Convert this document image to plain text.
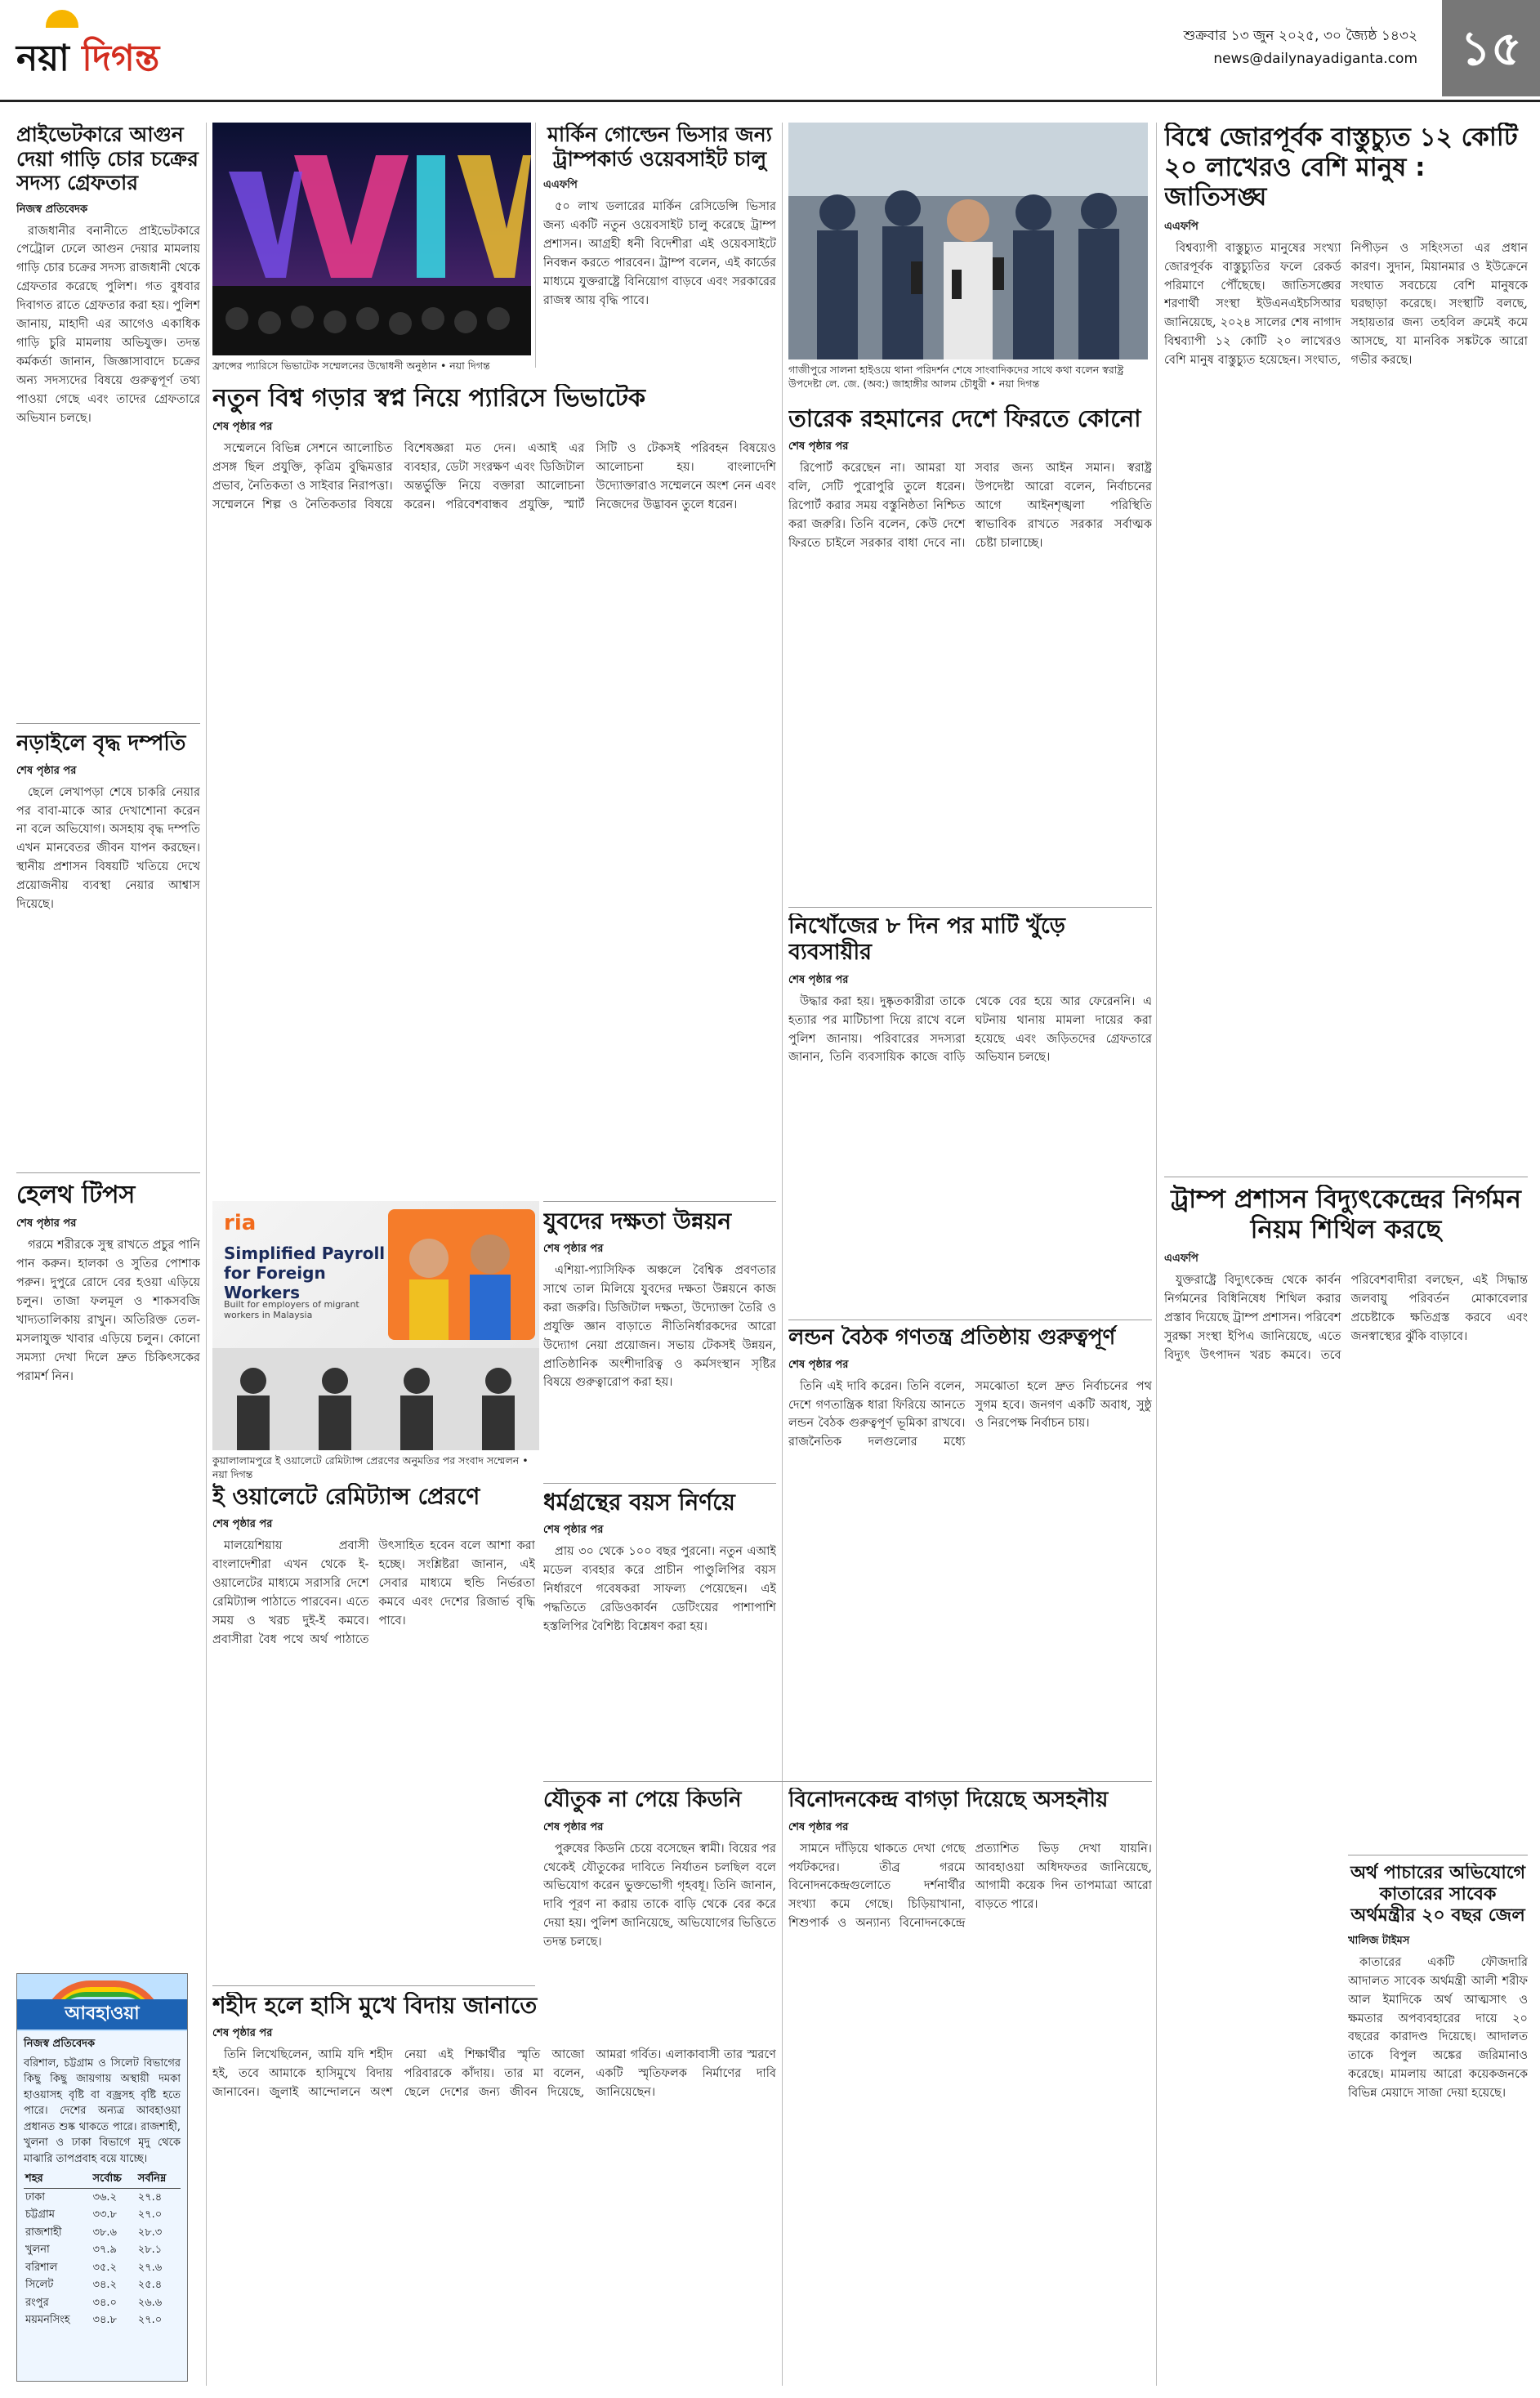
নয়া দিগন্ত
শুক্রবার ১৩ জুন ২০২৫, ৩০ জ্যৈষ্ঠ ১৪৩২
news@dailynayadiganta.com ১৫
প্রাইভেটকারে আগুন দেয়া গাড়ি চোর চক্রের সদস্য গ্রেফতার
নিজস্ব প্রতিবেদক

রাজধানীর বনানীতে প্রাইভেটকারে পেট্রোল ঢেলে আগুন দেয়ার মামলায় গাড়ি চোর চক্রের সদস্য রাজধানী থেকে গ্রেফতার করেছে পুলিশ। গত বুধবার দিবাগত রাতে গ্রেফতার করা হয়। পুলিশ জানায়, মাহাদী এর আগেও একাধিক গাড়ি চুরি মামলায় অভিযুক্ত। তদন্ত কর্মকর্তা জানান, জিজ্ঞাসাবাদে চক্রের অন্য সদস্যদের বিষয়ে গুরুত্বপূর্ণ তথ্য পাওয়া গেছে এবং তাদের গ্রেফতারে অভিযান চলছে।

নড়াইলে বৃদ্ধ দম্পতি
শেষ পৃষ্ঠার পর

ছেলে লেখাপড়া শেষে চাকরি নেয়ার পর বাবা-মাকে আর দেখাশোনা করেন না বলে অভিযোগ। অসহায় বৃদ্ধ দম্পতি এখন মানবেতর জীবন যাপন করছেন। স্থানীয় প্রশাসন বিষয়টি খতিয়ে দেখে প্রয়োজনীয় ব্যবস্থা নেয়ার আশ্বাস দিয়েছে।

হেলথ টিপস
শেষ পৃষ্ঠার পর

গরমে শরীরকে সুস্থ রাখতে প্রচুর পানি পান করুন। হালকা ও সুতির পোশাক পরুন। দুপুরে রোদে বের হওয়া এড়িয়ে চলুন। তাজা ফলমূল ও শাকসবজি খাদ্যতালিকায় রাখুন। অতিরিক্ত তেল-মসলাযুক্ত খাবার এড়িয়ে চলুন। কোনো সমস্যা দেখা দিলে দ্রুত চিকিৎসকের পরামর্শ নিন।

আবহাওয়া
নিজস্ব প্রতিবেদক
বরিশাল, চট্টগ্রাম ও সিলেট বিভাগের কিছু কিছু জায়গায় অস্থায়ী দমকা হাওয়াসহ বৃষ্টি বা বজ্রসহ বৃষ্টি হতে পারে। দেশের অন্যত্র আবহাওয়া প্রধানত শুষ্ক থাকতে পারে। রাজশাহী, খুলনা ও ঢাকা বিভাগে মৃদু থেকে মাঝারি তাপপ্রবাহ বয়ে যাচ্ছে।
শহর	সর্বোচ্চ	সর্বনিম্ন
ঢাকা	৩৬.২	২৭.৪
চট্টগ্রাম	৩৩.৮	২৭.০
রাজশাহী	৩৮.৬	২৮.৩
খুলনা	৩৭.৯	২৮.১
বরিশাল	৩৫.২	২৭.৬
সিলেট	৩৪.২	২৫.৪
রংপুর	৩৪.০	২৬.৬
ময়মনসিংহ	৩৪.৮	২৭.০
ফ্রান্সের প্যারিসে ভিভাটেক সম্মেলনের উদ্বোধনী অনুষ্ঠান • নয়া দিগন্ত
নতুন বিশ্ব গড়ার স্বপ্ন নিয়ে প্যারিসে ভিভাটেক
শেষ পৃষ্ঠার পর

সম্মেলনে বিভিন্ন সেশনে আলোচিত প্রসঙ্গ ছিল প্রযুক্তি, কৃত্রিম বুদ্ধিমত্তার প্রভাব, নৈতিকতা ও সাইবার নিরাপত্তা। সম্মেলনে শিল্প ও নৈতিকতার বিষয়ে বিশেষজ্ঞরা মত দেন। এআই এর ব্যবহার, ডেটা সংরক্ষণ এবং ডিজিটাল অন্তর্ভুক্তি নিয়ে বক্তারা আলোচনা করেন। পরিবেশবান্ধব প্রযুক্তি, স্মার্ট সিটি ও টেকসই পরিবহন বিষয়েও আলোচনা হয়। বাংলাদেশি উদ্যোক্তারাও সম্মেলনে অংশ নেন এবং নিজেদের উদ্ভাবন তুলে ধরেন।

মার্কিন গোল্ডেন ভিসার জন্য ট্রাম্পকার্ড ওয়েবসাইট চালু
এএফপি

৫০ লাখ ডলারের মার্কিন রেসিডেন্সি ভিসার জন্য একটি নতুন ওয়েবসাইট চালু করেছে ট্রাম্প প্রশাসন। আগ্রহী ধনী বিদেশীরা এই ওয়েবসাইটে নিবন্ধন করতে পারবেন। ট্রাম্প বলেন, এই কার্ডের মাধ্যমে যুক্তরাষ্ট্রে বিনিয়োগ বাড়বে এবং সরকারের রাজস্ব আয় বৃদ্ধি পাবে।

যুবদের দক্ষতা উন্নয়ন
শেষ পৃষ্ঠার পর

এশিয়া-প্যাসিফিক অঞ্চলে বৈশ্বিক প্রবণতার সাথে তাল মিলিয়ে যুবদের দক্ষতা উন্নয়নে কাজ করা জরুরি। ডিজিটাল দক্ষতা, উদ্যোক্তা তৈরি ও প্রযুক্তি জ্ঞান বাড়াতে নীতিনির্ধারকদের আরো উদ্যোগ নেয়া প্রয়োজন। সভায় টেকসই উন্নয়ন, প্রাতিষ্ঠানিক অংশীদারিত্ব ও কর্মসংস্থান সৃষ্টির বিষয়ে গুরুত্বারোপ করা হয়।

ধর্মগ্রন্থের বয়স নির্ণয়ে
শেষ পৃষ্ঠার পর

প্রায় ৩০ থেকে ১০০ বছর পুরনো। নতুন এআই মডেল ব্যবহার করে প্রাচীন পাণ্ডুলিপির বয়স নির্ধারণে গবেষকরা সাফল্য পেয়েছেন। এই পদ্ধতিতে রেডিওকার্বন ডেটিংয়ের পাশাপাশি হস্তলিপির বৈশিষ্ট্য বিশ্লেষণ করা হয়।

ria
Simplified Payroll for Foreign Workers
Built for employers of migrant workers in Malaysia
কুয়ালালামপুরে ই ওয়ালেটে রেমিট্যান্স প্রেরণের অনুমতির পর সংবাদ সম্মেলন • নয়া দিগন্ত
ই ওয়ালেটে রেমিট্যান্স প্রেরণে
শেষ পৃষ্ঠার পর

মালয়েশিয়ায় প্রবাসী বাংলাদেশীরা এখন থেকে ই-ওয়ালেটের মাধ্যমে সরাসরি দেশে রেমিট্যান্স পাঠাতে পারবেন। এতে সময় ও খরচ দুই-ই কমবে। প্রবাসীরা বৈধ পথে অর্থ পাঠাতে উৎসাহিত হবেন বলে আশা করা হচ্ছে। সংশ্লিষ্টরা জানান, এই সেবার মাধ্যমে হুন্ডি নির্ভরতা কমবে এবং দেশের রিজার্ভ বৃদ্ধি পাবে।

শহীদ হলে হাসি মুখে বিদায় জানাতে
শেষ পৃষ্ঠার পর

তিনি লিখেছিলেন, আমি যদি শহীদ হই, তবে আমাকে হাসিমুখে বিদায় জানাবেন। জুলাই আন্দোলনে অংশ নেয়া এই শিক্ষার্থীর স্মৃতি আজো পরিবারকে কাঁদায়। তার মা বলেন, ছেলে দেশের জন্য জীবন দিয়েছে, আমরা গর্বিত। এলাকাবাসী তার স্মরণে একটি স্মৃতিফলক নির্মাণের দাবি জানিয়েছেন।

গাজীপুরে সালনা হাইওয়ে থানা পরিদর্শন শেষে সাংবাদিকদের সাথে কথা বলেন স্বরাষ্ট্র উপদেষ্টা লে. জে. (অব:) জাহাঙ্গীর আলম চৌধুরী • নয়া দিগন্ত
তারেক রহমানের দেশে ফিরতে কোনো
শেষ পৃষ্ঠার পর

রিপোর্ট করেছেন না। আমরা যা বলি, সেটি পুরোপুরি তুলে ধরেন। রিপোর্ট করার সময় বস্তুনিষ্ঠতা নিশ্চিত করা জরুরি। তিনি বলেন, কেউ দেশে ফিরতে চাইলে সরকার বাধা দেবে না। সবার জন্য আইন সমান। স্বরাষ্ট্র উপদেষ্টা আরো বলেন, নির্বাচনের আগে আইনশৃঙ্খলা পরিস্থিতি স্বাভাবিক রাখতে সরকার সর্বাত্মক চেষ্টা চালাচ্ছে।

নিখোঁজের ৮ দিন পর মাটি খুঁড়ে ব্যবসায়ীর
শেষ পৃষ্ঠার পর

উদ্ধার করা হয়। দুষ্কৃতকারীরা তাকে হত্যার পর মাটিচাপা দিয়ে রাখে বলে পুলিশ জানায়। পরিবারের সদস্যরা জানান, তিনি ব্যবসায়িক কাজে বাড়ি থেকে বের হয়ে আর ফেরেননি। এ ঘটনায় থানায় মামলা দায়ের করা হয়েছে এবং জড়িতদের গ্রেফতারে অভিযান চলছে।

লন্ডন বৈঠক গণতন্ত্র প্রতিষ্ঠায় গুরুত্বপূর্ণ
শেষ পৃষ্ঠার পর

তিনি এই দাবি করেন। তিনি বলেন, দেশে গণতান্ত্রিক ধারা ফিরিয়ে আনতে লন্ডন বৈঠক গুরুত্বপূর্ণ ভূমিকা রাখবে। রাজনৈতিক দলগুলোর মধ্যে সমঝোতা হলে দ্রুত নির্বাচনের পথ সুগম হবে। জনগণ একটি অবাধ, সুষ্ঠু ও নিরপেক্ষ নির্বাচন চায়।

যৌতুক না পেয়ে কিডনি
শেষ পৃষ্ঠার পর

পুরুষের কিডনি চেয়ে বসেছেন স্বামী। বিয়ের পর থেকেই যৌতুকের দাবিতে নির্যাতন চলছিল বলে অভিযোগ করেন ভুক্তভোগী গৃহবধূ। তিনি জানান, দাবি পূরণ না করায় তাকে বাড়ি থেকে বের করে দেয়া হয়। পুলিশ জানিয়েছে, অভিযোগের ভিত্তিতে তদন্ত চলছে।

বিনোদনকেন্দ্র বাগড়া দিয়েছে অসহনীয়
শেষ পৃষ্ঠার পর

সামনে দাঁড়িয়ে থাকতে দেখা গেছে পর্যটকদের। তীব্র গরমে বিনোদনকেন্দ্রগুলোতে দর্শনার্থীর সংখ্যা কমে গেছে। চিড়িয়াখানা, শিশুপার্ক ও অন্যান্য বিনোদনকেন্দ্রে প্রত্যাশিত ভিড় দেখা যায়নি। আবহাওয়া অধিদফতর জানিয়েছে, আগামী কয়েক দিন তাপমাত্রা আরো বাড়তে পারে।

বিশ্বে জোরপূর্বক বাস্তুচ্যুত ১২ কোটি ২০ লাখেরও বেশি মানুষ : জাতিসঙ্ঘ
এএফপি

বিশ্বব্যাপী বাস্তুচ্যুত মানুষের সংখ্যা জোরপূর্বক বাস্তুচ্যুতির ফলে রেকর্ড পরিমাণে পৌঁছেছে। জাতিসঙ্ঘের শরণার্থী সংস্থা ইউএনএইচসিআর জানিয়েছে, ২০২৪ সালের শেষ নাগাদ বিশ্বব্যাপী ১২ কোটি ২০ লাখেরও বেশি মানুষ বাস্তুচ্যুত হয়েছেন। সংঘাত, নিপীড়ন ও সহিংসতা এর প্রধান কারণ। সুদান, মিয়ানমার ও ইউক্রেনে সংঘাত সবচেয়ে বেশি মানুষকে ঘরছাড়া করেছে। সংস্থাটি বলছে, সহায়তার জন্য তহবিল ক্রমেই কমে আসছে, যা মানবিক সঙ্কটকে আরো গভীর করছে।

ট্রাম্প প্রশাসন বিদ্যুৎকেন্দ্রের নির্গমন নিয়ম শিথিল করছে
এএফপি

যুক্তরাষ্ট্রে বিদ্যুৎকেন্দ্র থেকে কার্বন নির্গমনের বিধিনিষেধ শিথিল করার প্রস্তাব দিয়েছে ট্রাম্প প্রশাসন। পরিবেশ সুরক্ষা সংস্থা ইপিএ জানিয়েছে, এতে বিদ্যুৎ উৎপাদন খরচ কমবে। তবে পরিবেশবাদীরা বলছেন, এই সিদ্ধান্ত জলবায়ু পরিবর্তন মোকাবেলার প্রচেষ্টাকে ক্ষতিগ্রস্ত করবে এবং জনস্বাস্থ্যের ঝুঁকি বাড়াবে।

অর্থ পাচারের অভিযোগে কাতারের সাবেক অর্থমন্ত্রীর ২০ বছর জেল
খালিজ টাইমস

কাতারের একটি ফৌজদারি আদালত সাবেক অর্থমন্ত্রী আলী শরীফ আল ইমাদিকে অর্থ আত্মসাৎ ও ক্ষমতার অপব্যবহারের দায়ে ২০ বছরের কারাদণ্ড দিয়েছে। আদালত তাকে বিপুল অঙ্কের জরিমানাও করেছে। মামলায় আরো কয়েকজনকে বিভিন্ন মেয়াদে সাজা দেয়া হয়েছে।
